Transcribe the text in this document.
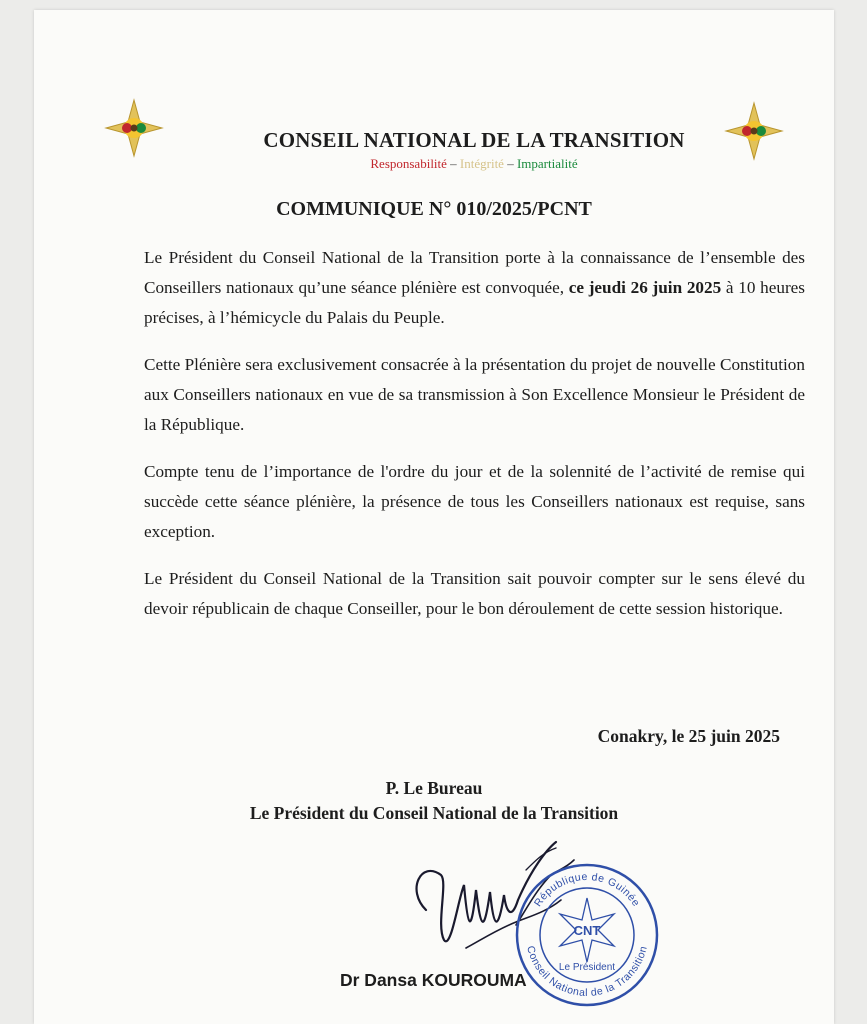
CONSEIL NATIONAL DE LA TRANSITION
Responsabilité – Intégrité – Impartialité
COMMUNIQUE N° 010/2025/PCNT

Le Président du Conseil National de la Transition porte à la connaissance de l’ensemble des Conseillers nationaux qu’une séance plénière est convoquée, ce jeudi 26 juin 2025 à 10 heures précises, à l’hémicycle du Palais du Peuple.

Cette Plénière sera exclusivement consacrée à la présentation du projet de nouvelle Constitution aux Conseillers nationaux en vue de sa transmission à Son Excellence Monsieur le Président de la République.

Compte tenu de l’importance de l'ordre du jour et de la solennité de l’activité de remise qui succède cette séance plénière, la présence de tous les Conseillers nationaux est requise, sans exception.

Le Président du Conseil National de la Transition sait pouvoir compter sur le sens élevé du devoir républicain de chaque Conseiller, pour le bon déroulement de cette session historique.

Conakry, le 25 juin 2025
P. Le Bureau
Le Président du Conseil National de la Transition
République de Guinée
Conseil National de la Transition
CNT
Le Président
Dr Dansa KOUROUMA
